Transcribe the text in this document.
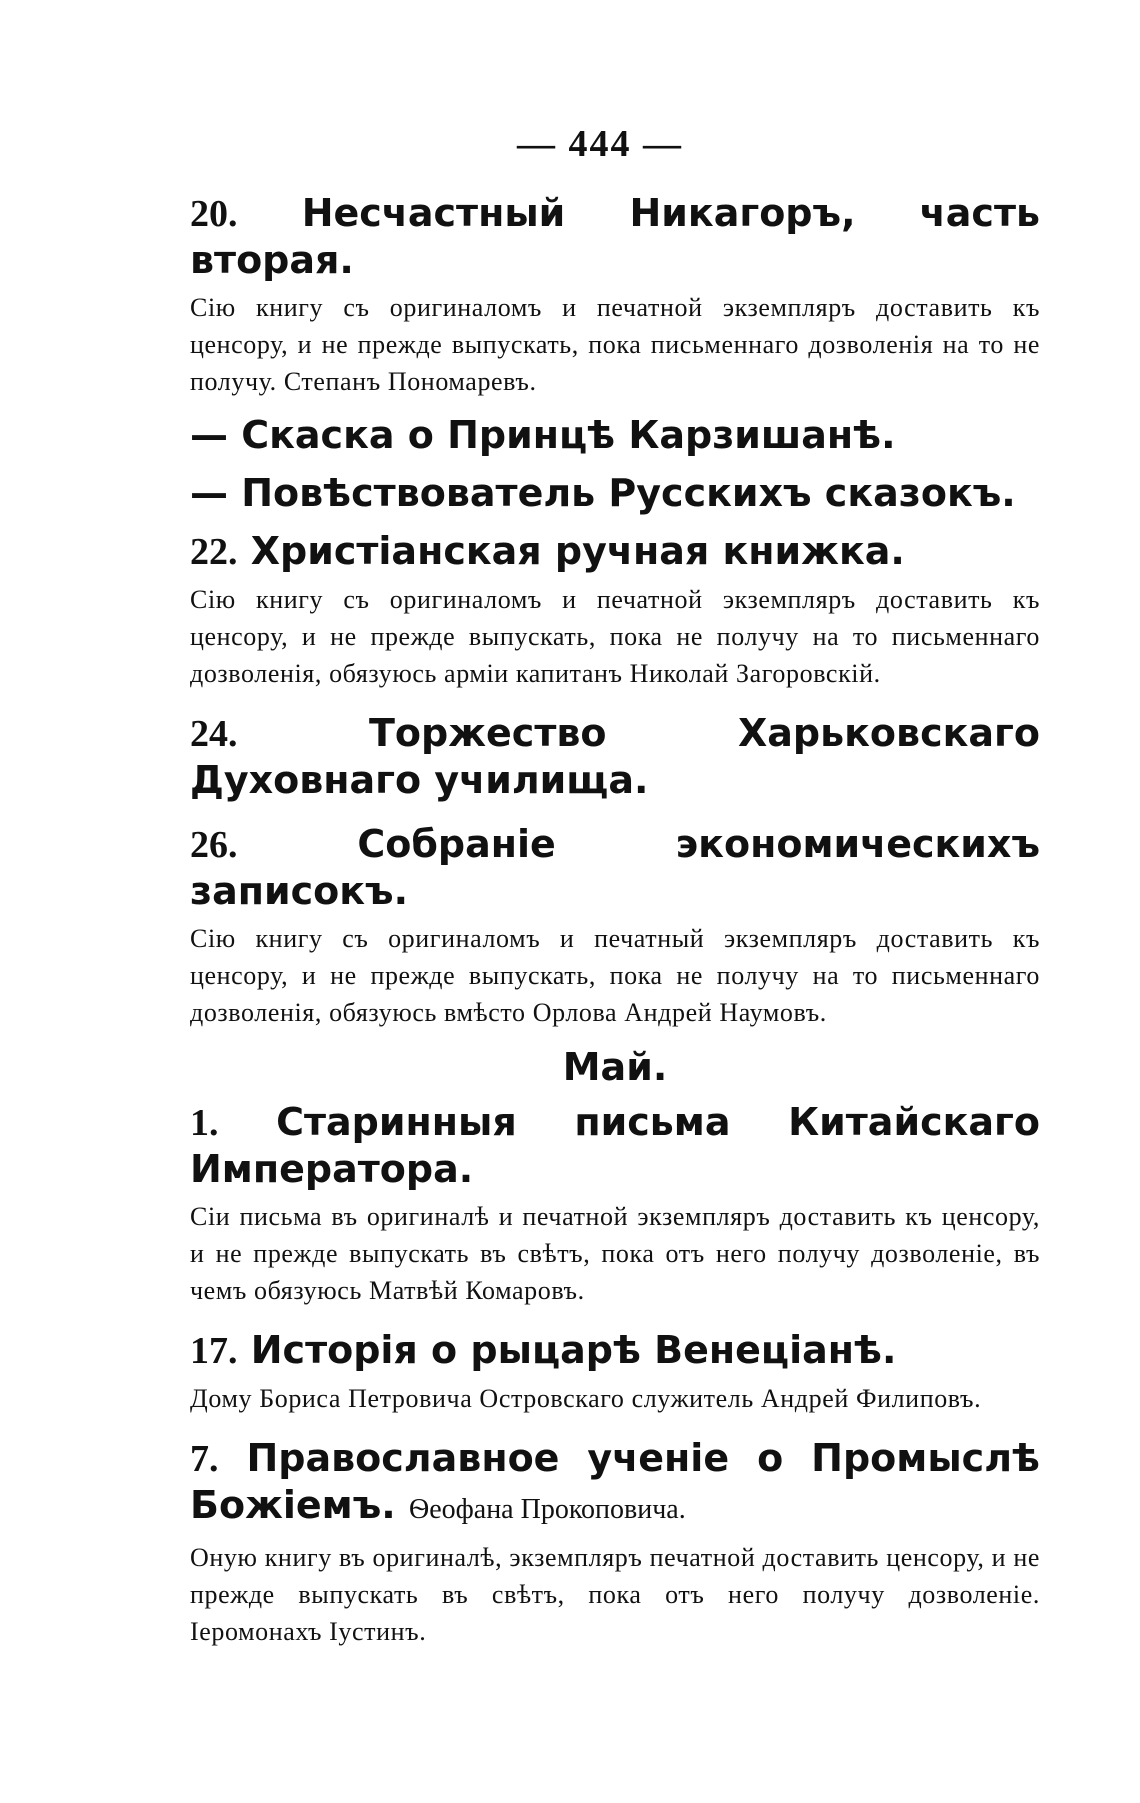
— 444 —

20. Несчастный Никагоръ, часть вторая.

Сію книгу съ оригиналомъ и печатной экземпляръ доставить къ ценсору, и не прежде выпускать, пока письменнаго дозволенія на то не получу. Степанъ Пономаревъ.

— Скаска о Принцѣ Карзишанѣ.

— Повѣствователь Русскихъ сказокъ.

22. Христіанская ручная книжка.

Сію книгу съ оригиналомъ и печатной экземпляръ доставить къ ценсору, и не прежде выпускать, пока не получу на то письменнаго дозволенія, обязуюсь арміи капитанъ Николай Загоровскій.

24.	Торжество Харьковскаго Духовнаго училища.

26.	Собраніе экономическихъ записокъ.

Сію книгу съ оригиналомъ и печатный экземпляръ доставить къ ценсору, и не прежде выпускать, пока не получу на то письменнаго дозволенія, обязуюсь вмѣсто Орлова Андрей Наумовъ.

Май.

1. Старинныя письма Китайскаго Императора.

Сіи письма въ оригиналѣ и печатной экземпляръ доставить къ ценсору, и не прежде выпускать въ свѣтъ, пока отъ него получу дозволеніе, въ чемъ обязуюсь Матвѣй Комаровъ.

17. Исторія о рыцарѣ Венеціанѣ.

Дому Бориса Петровича Островскаго служитель Андрей Филиповъ.

7. Православное ученіе о Промыслѣ Божіемъ. Ѳеофана Прокоповича.

Оную книгу въ оригиналѣ, экземпляръ печатной доставить ценсору, и не прежде выпускать въ свѣтъ, пока отъ него получу дозволеніе. Іеромонахъ Іустинъ.
